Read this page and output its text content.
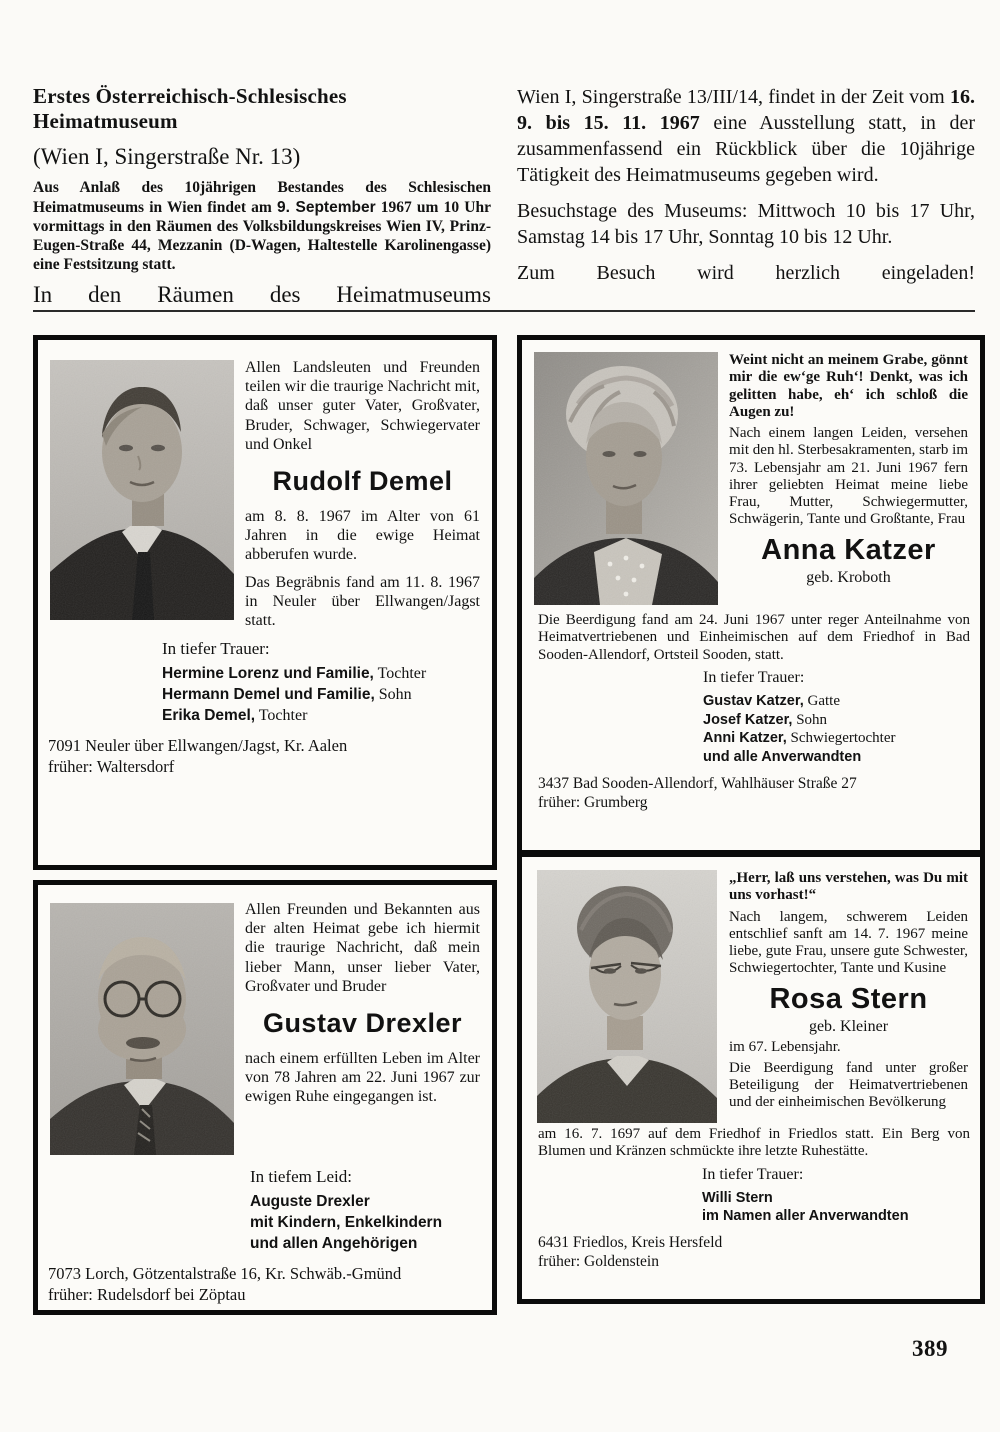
Erstes Österreichisch-Schlesisches
Heimatmuseum
(Wien I, Singerstraße Nr. 13)
Aus Anlaß des 10jährigen Bestandes des Schlesischen Heimatmuseums in Wien findet am 9. September 1967 um 10 Uhr vormittags in den Räumen des Volksbildungskreises Wien IV, Prinz-Eugen-Straße 44, Mezzanin (D-Wagen, Haltestelle Karolinengasse) eine Festsitzung statt.
In den Räumen des Heimatmuseums

Wien I, Singerstraße 13/III/14, findet in der Zeit vom 16. 9. bis 15. 11. 1967 eine Ausstellung statt, in der zusammenfassend ein Rückblick über die 10jährige Tätigkeit des Heimatmuseums gegeben wird.

Besuchstage des Museums: Mittwoch 10 bis 17 Uhr, Samstag 14 bis 17 Uhr, Sonntag 10 bis 12 Uhr.

Zum Besuch wird herzlich eingeladen!

Allen Landsleuten und Freunden teilen wir die traurige Nachricht mit, daß unser guter Vater, Großvater, Bruder, Schwager, Schwiegervater und Onkel
Rudolf Demel
am 8. 8. 1967 im Alter von 61 Jahren in die ewige Heimat abberufen wurde.
Das Begräbnis fand am 11. 8. 1967 in Neuler über Ellwangen/Jagst statt.
In tiefer Trauer:
Hermine Lorenz und Familie, Tochter
Hermann Demel und Familie, Sohn
Erika Demel, Tochter
7091 Neuler über Ellwangen/Jagst, Kr. Aalen
früher: Waltersdorf
Weint nicht an meinem Grabe, gönnt mir die ew‘ge Ruh‘! Denkt, was ich gelitten habe, eh‘ ich schloß die Augen zu!
Nach einem langen Leiden, versehen mit den hl. Sterbesakramenten, starb im 73. Lebensjahr am 21. Juni 1967 fern ihrer geliebten Heimat meine liebe Frau, Mutter, Schwiegermutter, Schwägerin, Tante und Großtante, Frau
Anna Katzer
geb. Kroboth
Die Beerdigung fand am 24. Juni 1967 unter reger Anteilnahme von Heimatvertriebenen und Einheimischen auf dem Friedhof in Bad Sooden-Allendorf, Ortsteil Sooden, statt.
In tiefer Trauer:
Gustav Katzer, Gatte
Josef Katzer, Sohn
Anni Katzer, Schwiegertochter
und alle Anverwandten
3437 Bad Sooden-Allendorf, Wahlhäuser Straße 27
früher: Grumberg
Allen Freunden und Bekannten aus der alten Heimat gebe ich hiermit die traurige Nachricht, daß mein lieber Mann, unser lieber Vater, Großvater und Bruder
Gustav Drexler
nach einem erfüllten Leben im Alter von 78 Jahren am 22. Juni 1967 zur ewigen Ruhe eingegangen ist.
In tiefem Leid:
Auguste Drexler
mit Kindern, Enkelkindern
und allen Angehörigen
7073 Lorch, Götzentalstraße 16, Kr. Schwäb.-Gmünd
früher: Rudelsdorf bei Zöptau
„Herr, laß uns verstehen, was Du mit uns vorhast!“
Nach langem, schwerem Leiden entschlief sanft am 14. 7. 1967 meine liebe, gute Frau, unsere gute Schwester, Schwiegertochter, Tante und Kusine
Rosa Stern
geb. Kleiner
im 67. Lebensjahr.
Die Beerdigung fand unter großer Beteiligung der Heimatvertriebenen und der einheimischen Bevölkerung
am 16. 7. 1697 auf dem Friedhof in Friedlos statt. Ein Berg von Blumen und Kränzen schmückte ihre letzte Ruhestätte.
In tiefer Trauer:
Willi Stern
im Namen aller Anverwandten
6431 Friedlos, Kreis Hersfeld
früher: Goldenstein
389
